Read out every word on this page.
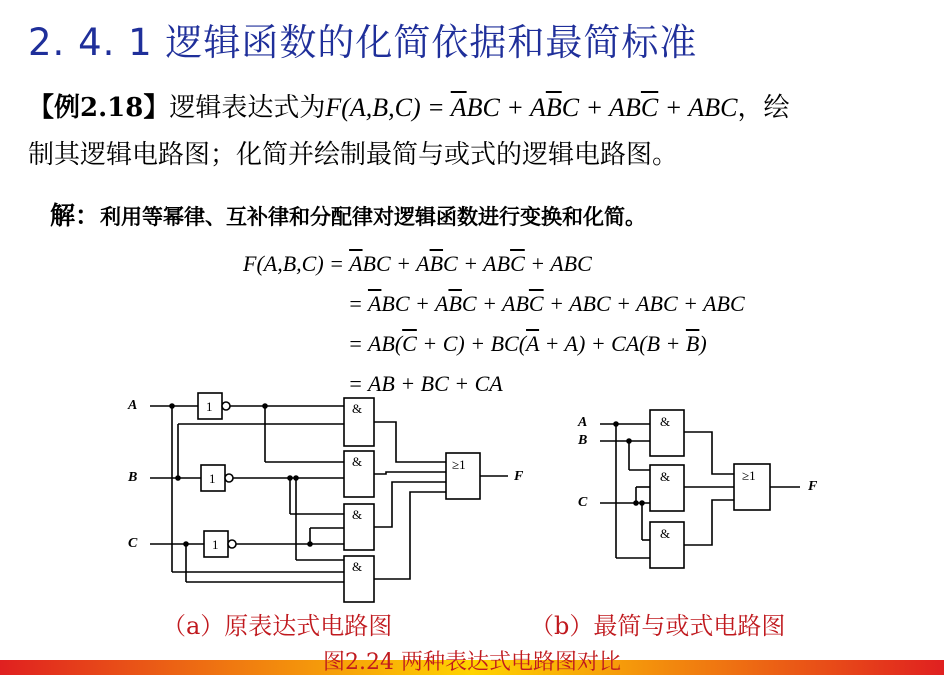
2. 4. 1 逻辑函数的化简依据和最简标准
【例2.18】逻辑表达式为$F(A,B,C) = \overline{A}BC + A\overline{B}C + AB\overline{C}$ + ABC，绘
制其逻辑电路图；化简并绘制最简与或式的逻辑电路图。
解：利用等幂律、互补律和分配律对逻辑函数进行变换和化简。
$F(A,B,C) = \overline{A}BC + A\overline{B}C + AB\overline{C}$ + ABC
= $\overline{A}BC + A\overline{B}C + AB\overline{C}$ + ABC + ABC + ABC
= $AB(\overline{C} + C) + BC(\overline{A} + A) + CA(B + \overline{B})$
= AB + BC + CA
A
B
C
1
1
1
&
&
&
&
≥1
F
A
B
C
&
&
&
≥1
F
（a）原表达式电路图	（b）最简与或式电路图
图2.24 两种表达式电路图对比
